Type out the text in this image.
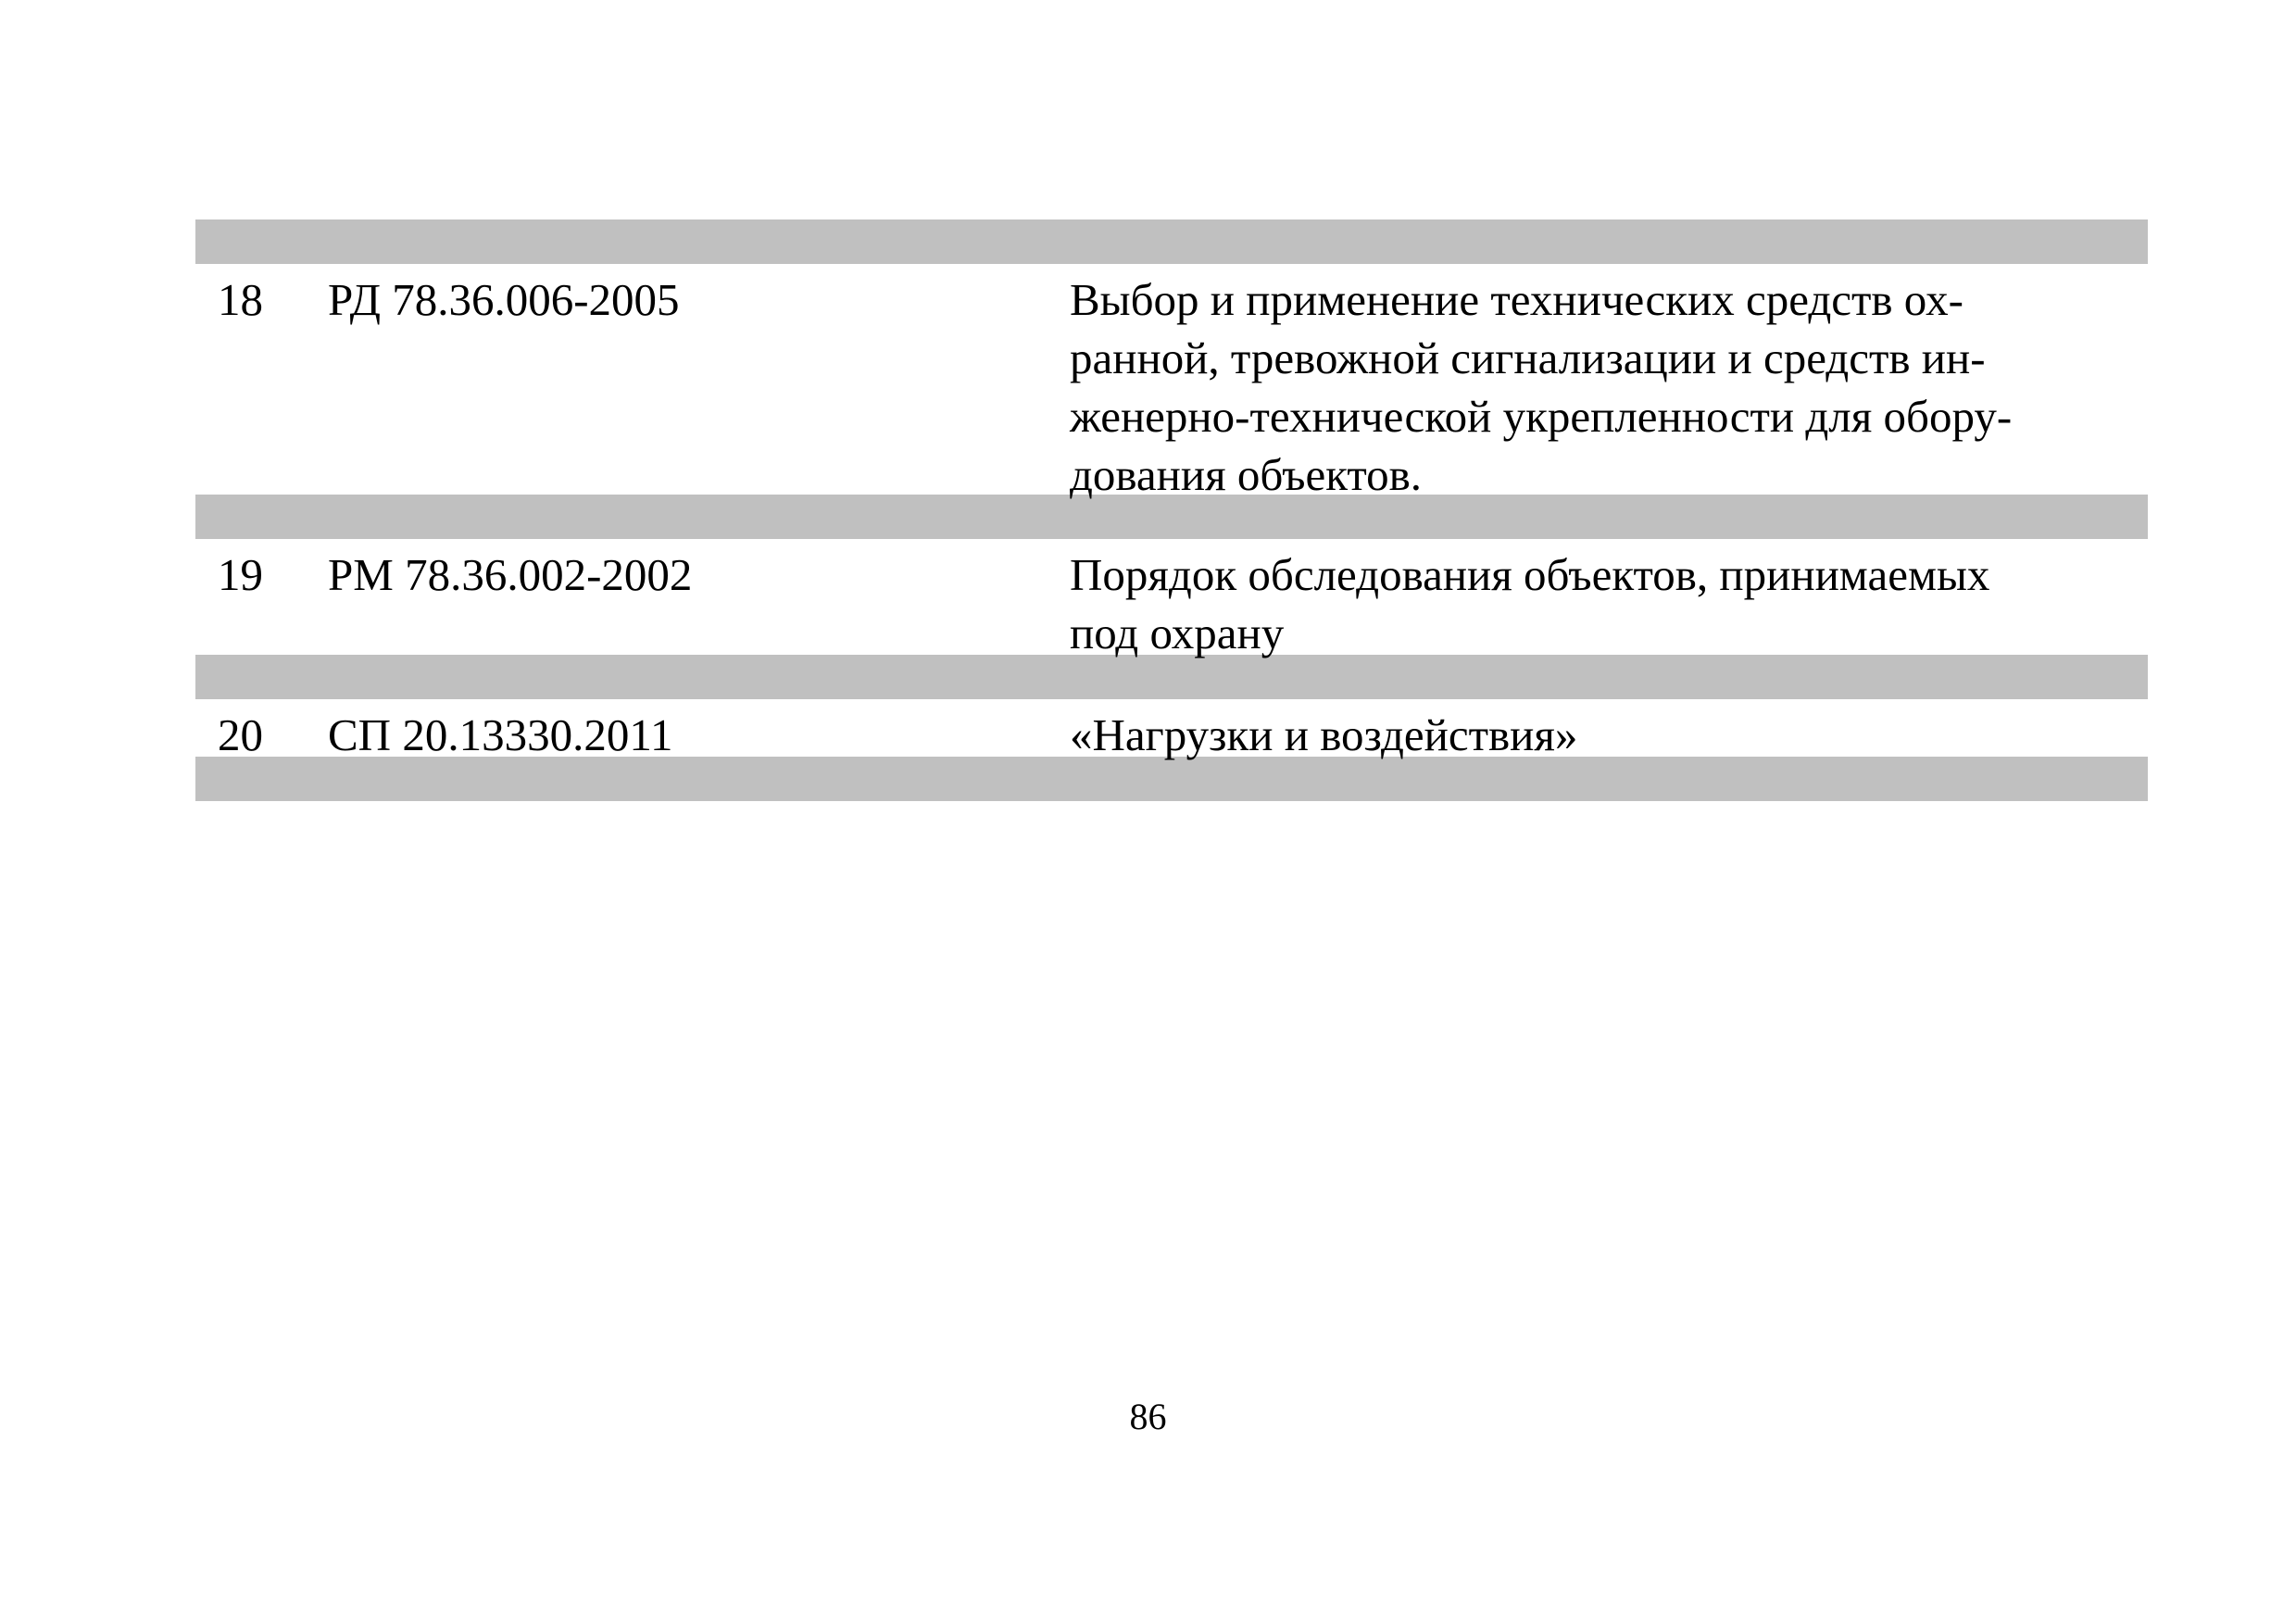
18 РД 78.36.006-2005	Выбор и применение технических средств ох-
ранной, тревожной сигнализации и средств ин-
женерно-технической укрепленности для обору-
дования объектов.
19 РМ 78.36.002-2002	Порядок обследования объектов, принимаемых
под охрану
20 СП 20.13330.2011	«Нагрузки и воздействия»
86
